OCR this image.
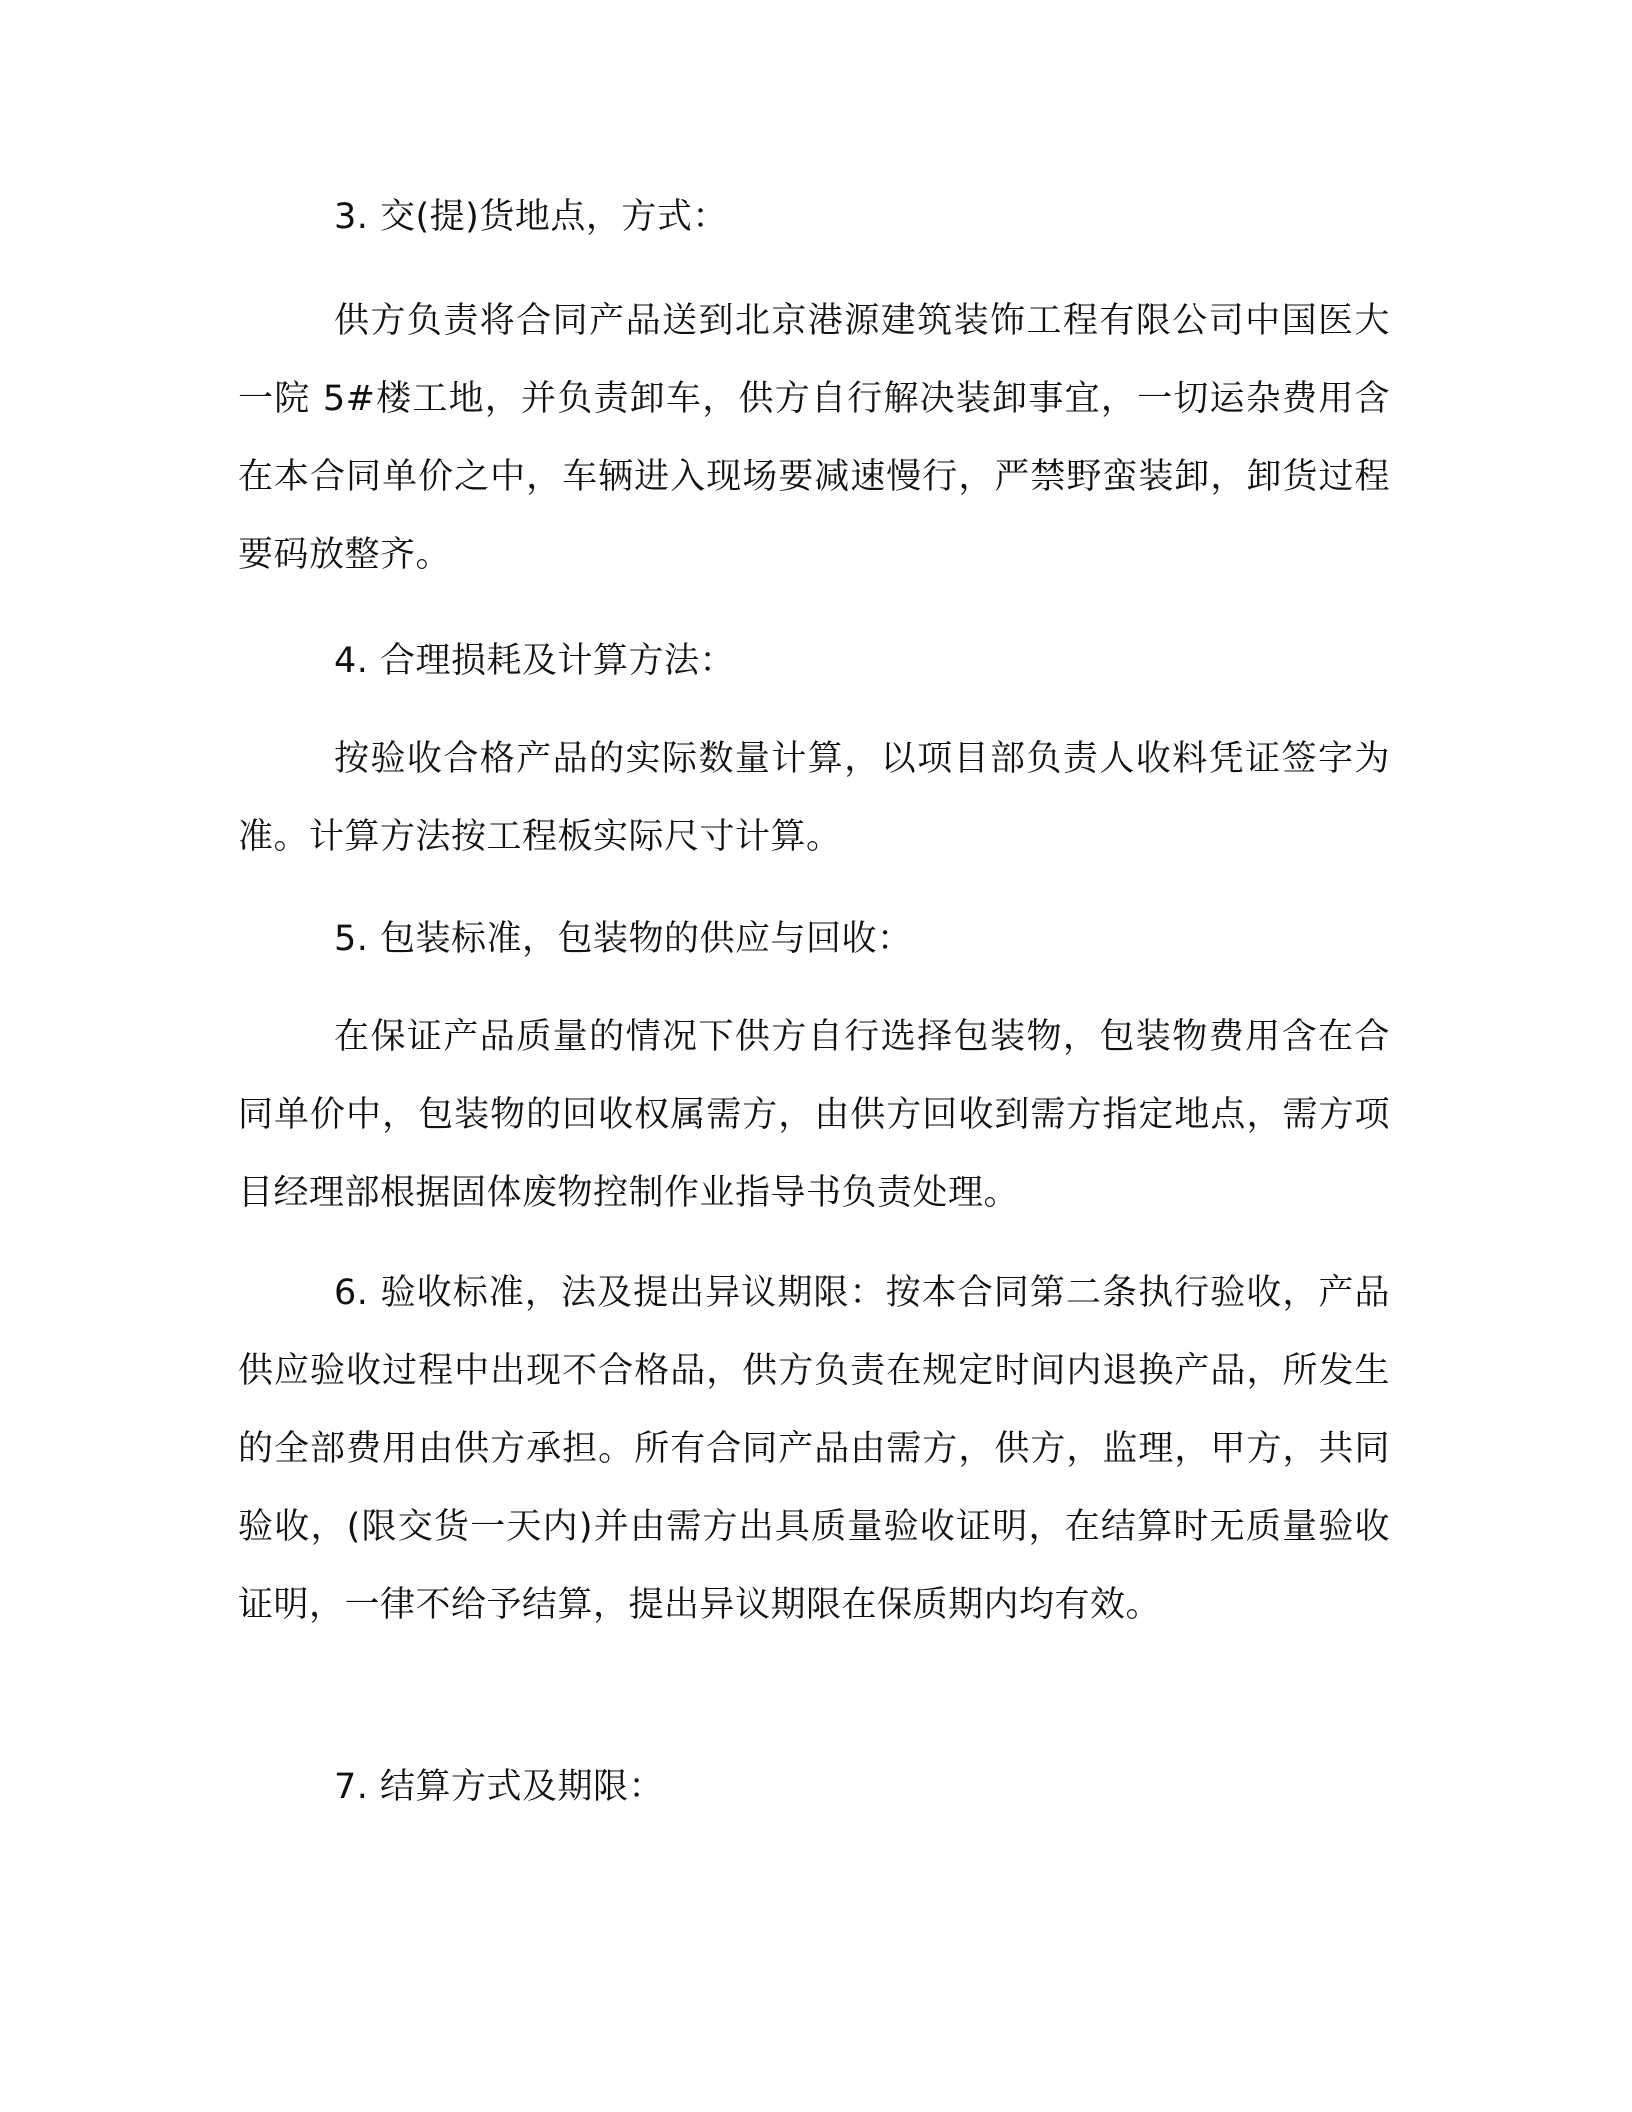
3. 交(提)货地点，方式：

供方负责将合同产品送到北京港源建筑装饰工程有限公司中国医大一院 5#楼工地，并负责卸车，供方自行解决装卸事宜，一切运杂费用含在本合同单价之中，车辆进入现场要减速慢行，严禁野蛮装卸，卸货过程要码放整齐。

4. 合理损耗及计算方法：

按验收合格产品的实际数量计算，以项目部负责人收料凭证签字为准。计算方法按工程板实际尺寸计算。

5. 包装标准，包装物的供应与回收：

在保证产品质量的情况下供方自行选择包装物，包装物费用含在合同单价中，包装物的回收权属需方，由供方回收到需方指定地点，需方项目经理部根据固体废物控制作业指导书负责处理。

6. 验收标准，法及提出异议期限：按本合同第二条执行验收，产品供应验收过程中出现不合格品，供方负责在规定时间内退换产品，所发生的全部费用由供方承担。所有合同产品由需方，供方，监理，甲方，共同验收，(限交货一天内)并由需方出具质量验收证明，在结算时无质量验收证明，一律不给予结算，提出异议期限在保质期内均有效。

7. 结算方式及期限：
